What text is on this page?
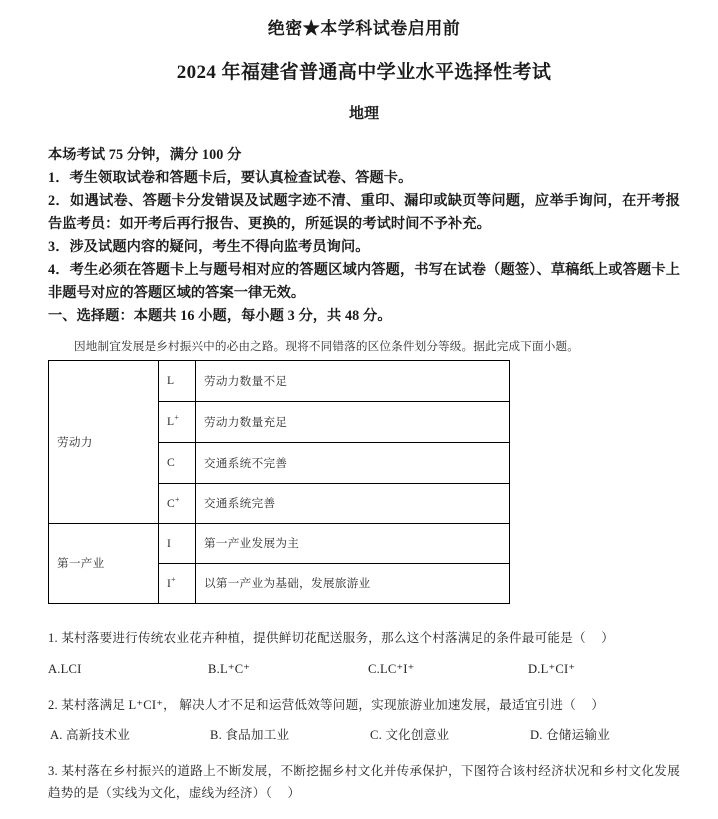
绝密★本学科试卷启用前
2024 年福建省普通高中学业水平选择性考试
地理

本场考试 75 分钟，满分 100 分

1．考生领取试卷和答题卡后，要认真检查试卷、答题卡。

2．如遇试卷、答题卡分发错误及试题字迹不清、重印、漏印或缺页等问题，应举手询问，在开考报告监考员：如开考后再行报告、更换的，所延误的考试时间不予补充。

3．涉及试题内容的疑问，考生不得向监考员询问。

4．考生必须在答题卡上与题号相对应的答题区域内答题，书写在试卷（题签）、草稿纸上或答题卡上非题号对应的答题区域的答案一律无效。

一、选择题：本题共 16 小题，每小题 3 分，共 48 分。

因地制宜发展是乡村振兴中的必由之路。现将不同错落的区位条件划分等级。据此完成下面小题。
劳动力	L	劳动力数量不足
	L+	劳动力数量充足
	C	交通系统不完善
	C+	交通系统完善
第一产业	I	第一产业发展为主
	I+	以第一产业为基础，发展旅游业

1. 某村落要进行传统农业花卉种植，提供鲜切花配送服务，那么这个村落满足的条件最可能是（ ）

A.LCI	B.L⁺C⁺	C.LC⁺I⁺	D.L⁺CI⁺

2. 某村落满足 L⁺CI⁺， 解决人才不足和运营低效等问题，实现旅游业加速发展，最适宜引进（ ）

A. 高新技术业	B. 食品加工业	C. 文化创意业	D. 仓储运输业

3. 某村落在乡村振兴的道路上不断发展，不断挖掘乡村文化并传承保护，下图符合该村经济状况和乡村文化发展趋势的是（实线为文化，虚线为经济）（ ）
